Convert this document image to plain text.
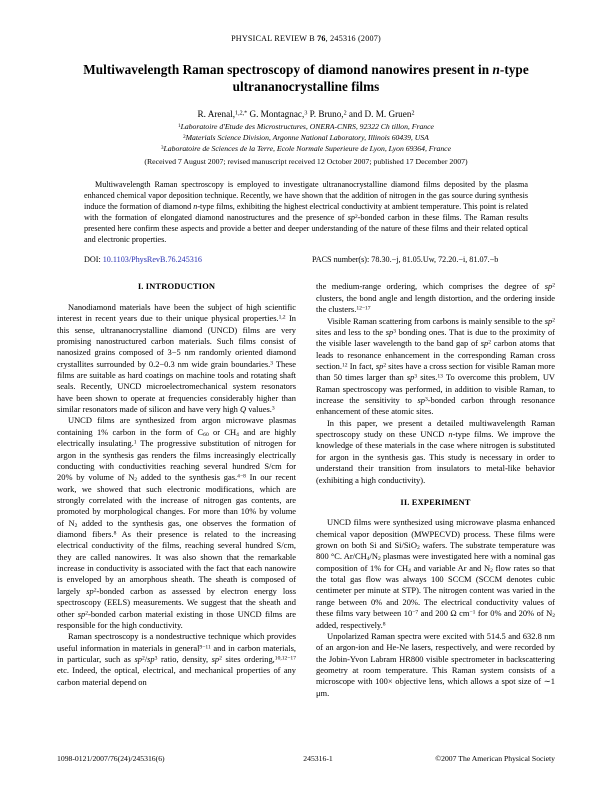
PHYSICAL REVIEW B 76, 245316 (2007)
Multiwavelength Raman spectroscopy of diamond nanowires present in n-type
ultrananocrystalline films
R. Arenal,$^{1,2,*}$ G. Montagnac,$^3$ P. Bruno,$^2$ and D. M. Gruen$^2$
$^1$Laboratoire d'Etude des Microstructures, ONERA-CNRS, 92322 Ch tillon, France
$^2$Materials Science Division, Argonne National Laboratory, Illinois 60439, USA
$^3$Laboratoire de Sciences de la Terre, Ecole Normale Superieure de Lyon, Lyon 69364, France
(Received 7 August 2007; revised manuscript received 12 October 2007; published 17 December 2007)
Multiwavelength Raman spectroscopy is employed to investigate ultrananocrystalline diamond films deposited by the plasma enhanced chemical vapor deposition technique. Recently, we have shown that the addition of nitrogen in the gas source during synthesis induce the formation of diamond n-type films, exhibiting the highest electrical conductivity at ambient temperature. This point is related with the formation of elongated diamond nanostructures and the presence of $sp^2$-bonded carbon in these films. The Raman results presented here confirm these aspects and provide a better and deeper understanding of the nature of these films and their related optical and electronic properties.
DOI: 10.1103/PhysRevB.76.245316	PACS number(s): 78.30.−j, 81.05.Uw, 72.20.−i, 81.07.−b
I. INTRODUCTION

Nanodiamond materials have been the subject of high scientific interest in recent years due to their unique physical properties.$^{1,2}$ In this sense, ultrananocrystalline diamond (UNCD) films are very promising nanostructured carbon materials. Such films consist of nanosized grains composed of 3−5 nm randomly oriented diamond crystallites surrounded by 0.2−0.3 nm wide grain boundaries.$^3$ These films are suitable as hard coatings on machine tools and rotating shaft seals. Recently, UNCD microelectromechanical system resonators have been shown to operate at frequencies considerably higher than similar resonators made of silicon and have very high Q values.$^3$

UNCD films are synthesized from argon microwave plasmas containing 1% carbon in the form of $C_{60}$ or $CH_4$ and are highly electrically insulating.$^1$ The progressive substitution of nitrogen for argon in the synthesis gas renders the films increasingly electrically conducting with conductivities reaching several hundred S/cm for 20% by volume of $N_2$ added to the synthesis gas.$^{4-8}$ In our recent work, we showed that such electronic modifications, which are strongly correlated with the increase of nitrogen gas contents, are promoted by morphological changes. For more than 10% by volume of $N_2$ added to the synthesis gas, one observes the formation of diamond fibers.$^8$ As their presence is related to the increasing electrical conductivity of the films, reaching several hundred S/cm, they are called nanowires. It was also shown that the remarkable increase in conductivity is associated with the fact that each nanowire is enveloped by an amorphous sheath. The sheath is composed of largely $sp^2$-bonded carbon as assessed by electron energy loss spectroscopy (EELS) measurements. We suggest that the sheath and other $sp^2$-bonded carbon material existing in those UNCD films are responsible for the high conductivity.

Raman spectroscopy is a nondestructive technique which provides useful information in materials in general$^{9-11}$ and in carbon materials, in particular, such as $sp^2/sp^3$ ratio, density, $sp^2$ sites ordering,$^{10,12-17}$ etc. Indeed, the optical, electrical, and mechanical properties of any carbon material depend on

the medium-range ordering, which comprises the degree of $sp^2$ clusters, the bond angle and length distortion, and the ordering inside the clusters.$^{12-17}$

Visible Raman scattering from carbons is mainly sensible to the $sp^2$ sites and less to the $sp^3$ bonding ones. That is due to the proximity of the visible laser wavelength to the band gap of $sp^2$ carbon atoms that leads to resonance enhancement in the corresponding Raman cross section.$^{12}$ In fact, $sp^2$ sites have a cross section for visible Raman more than 50 times larger than $sp^3$ sites.$^{13}$ To overcome this problem, UV Raman spectroscopy was performed, in addition to visible Raman, to increase the sensitivity to $sp^3$-bonded carbon through resonance enhancement of these atomic sites.

In this paper, we present a detailed multiwavelength Raman spectroscopy study on these UNCD n-type films. We improve the knowledge of these materials in the case where nitrogen is substituted for argon in the synthesis gas. This study is necessary in order to understand their transition from insulators to metal-like behavior (exhibiting a high conductivity).

II. EXPERIMENT

UNCD films were synthesized using microwave plasma enhanced chemical vapor deposition (MWPECVD) process. These films were grown on both Si and Si/SiO$_2$ wafers. The substrate temperature was 800 °C. $Ar/CH_4/N_2$ plasmas were investigated here with a nominal gas composition of 1% for $CH_4$ and variable Ar and $N_2$ flow rates so that the total gas flow was always 100 SCCM (SCCM denotes cubic centimeter per minute at STP). The nitrogen content was varied in the range between 0% and 20%. The electrical conductivity values of these films vary between $10^{-7}$ and 200 Ω $cm^{-1}$ for 0% and 20% of $N_2$ added, respectively.$^8$

Unpolarized Raman spectra were excited with 514.5 and 632.8 nm of an argon-ion and He-Ne lasers, respectively, and were recorded by the Jobin-Yvon Labram HR800 visible spectrometer in backscattering geometry at room temperature. This Raman system consists of a microscope with 100× objective lens, which allows a spot size of ∼1 μm.

1098-0121/2007/76(24)/245316(6)	245316-1	©2007 The American Physical Society
